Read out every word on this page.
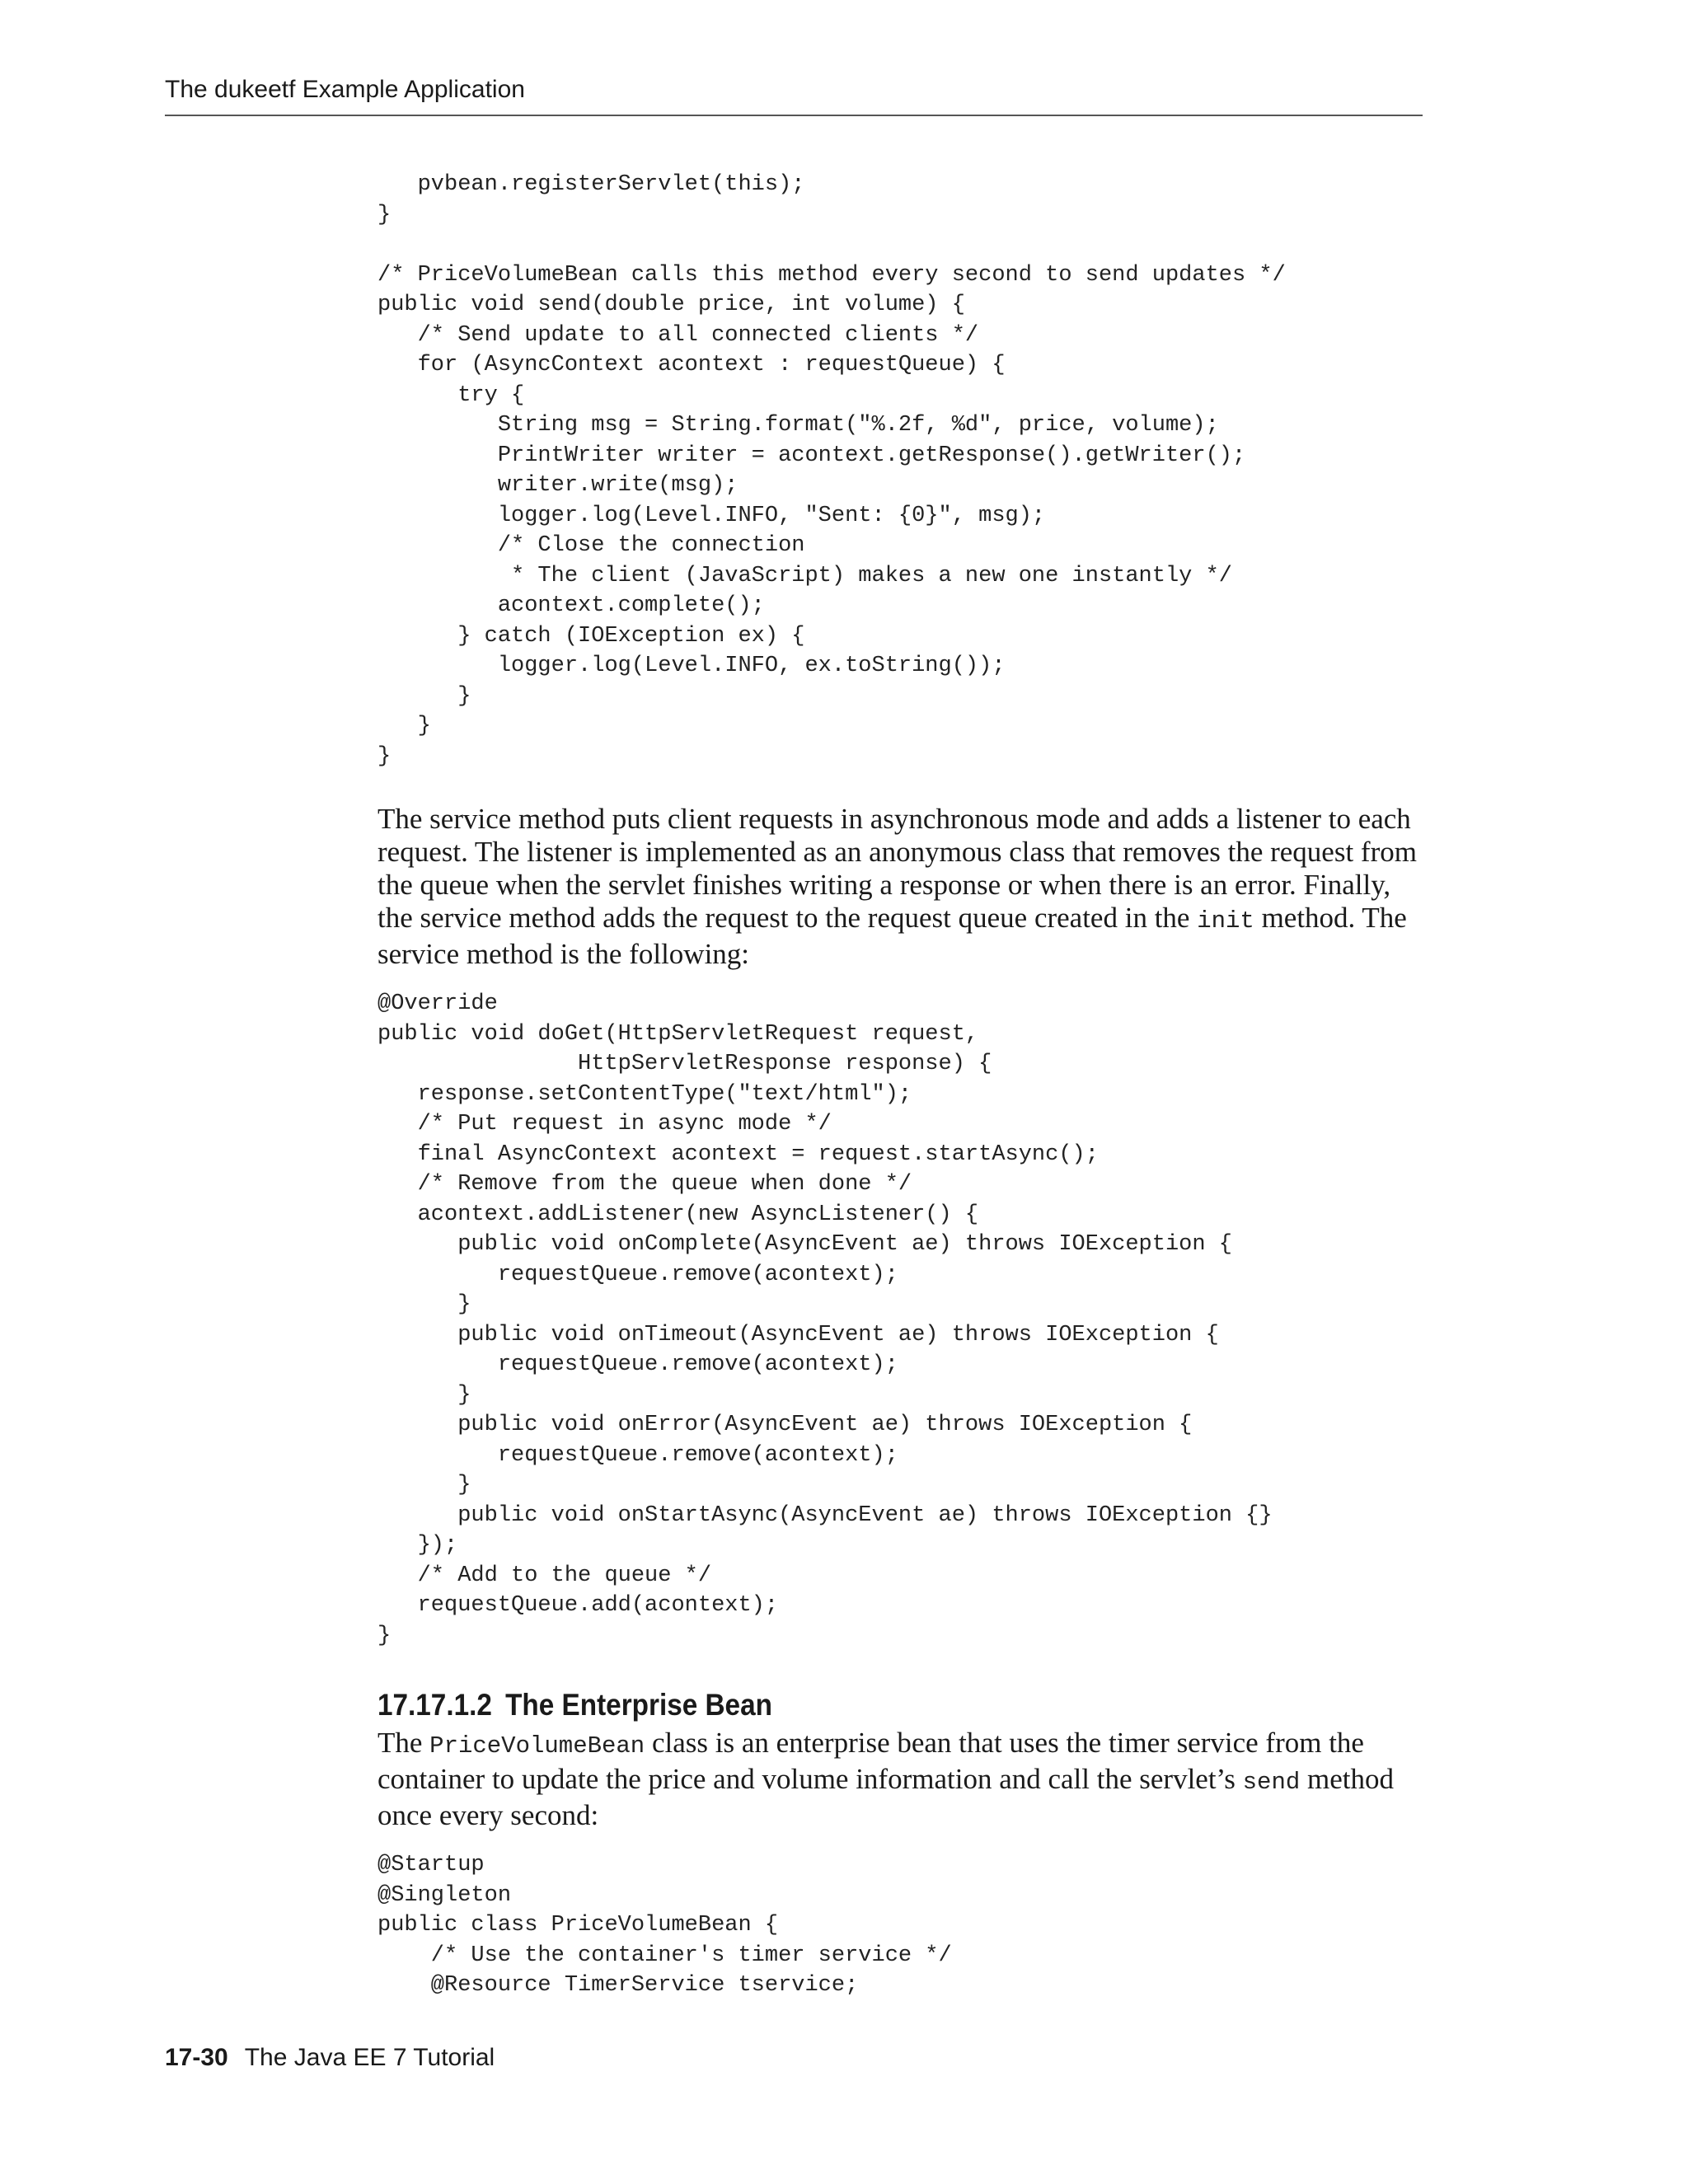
The dukeetf Example Application
pvbean.registerServlet(this);
}

/* PriceVolumeBean calls this method every second to send updates */
public void send(double price, int volume) {
/* Send update to all connected clients */
for (AsyncContext acontext : requestQueue) {
try {
String msg = String.format("%.2f, %d", price, volume);
PrintWriter writer = acontext.getResponse().getWriter();
writer.write(msg);
logger.log(Level.INFO, "Sent: {0}", msg);
/* Close the connection
* The client (JavaScript) makes a new one instantly */
acontext.complete();
} catch (IOException ex) {
logger.log(Level.INFO, ex.toString());
}
}
}

The service method puts client requests in asynchronous mode and adds a listener to each request. The listener is implemented as an anonymous class that removes the request from the queue when the servlet finishes writing a response or when there is an error. Finally, the service method adds the request to the request queue created in the init method. The service method is the following:

@Override
public void doGet(HttpServletRequest request,
HttpServletResponse response) {
response.setContentType("text/html");
/* Put request in async mode */
final AsyncContext acontext = request.startAsync();
/* Remove from the queue when done */
acontext.addListener(new AsyncListener() {
public void onComplete(AsyncEvent ae) throws IOException {
requestQueue.remove(acontext);
}
public void onTimeout(AsyncEvent ae) throws IOException {
requestQueue.remove(acontext);
}
public void onError(AsyncEvent ae) throws IOException {
requestQueue.remove(acontext);
}
public void onStartAsync(AsyncEvent ae) throws IOException {}
});
/* Add to the queue */
requestQueue.add(acontext);
}
17.17.1.2 The Enterprise Bean

The PriceVolumeBean class is an enterprise bean that uses the timer service from the container to update the price and volume information and call the servlet’s send method once every second:

@Startup
@Singleton
public class PriceVolumeBean {
/* Use the container's timer service */
@Resource TimerService tservice;
17-30 The Java EE 7 Tutorial
